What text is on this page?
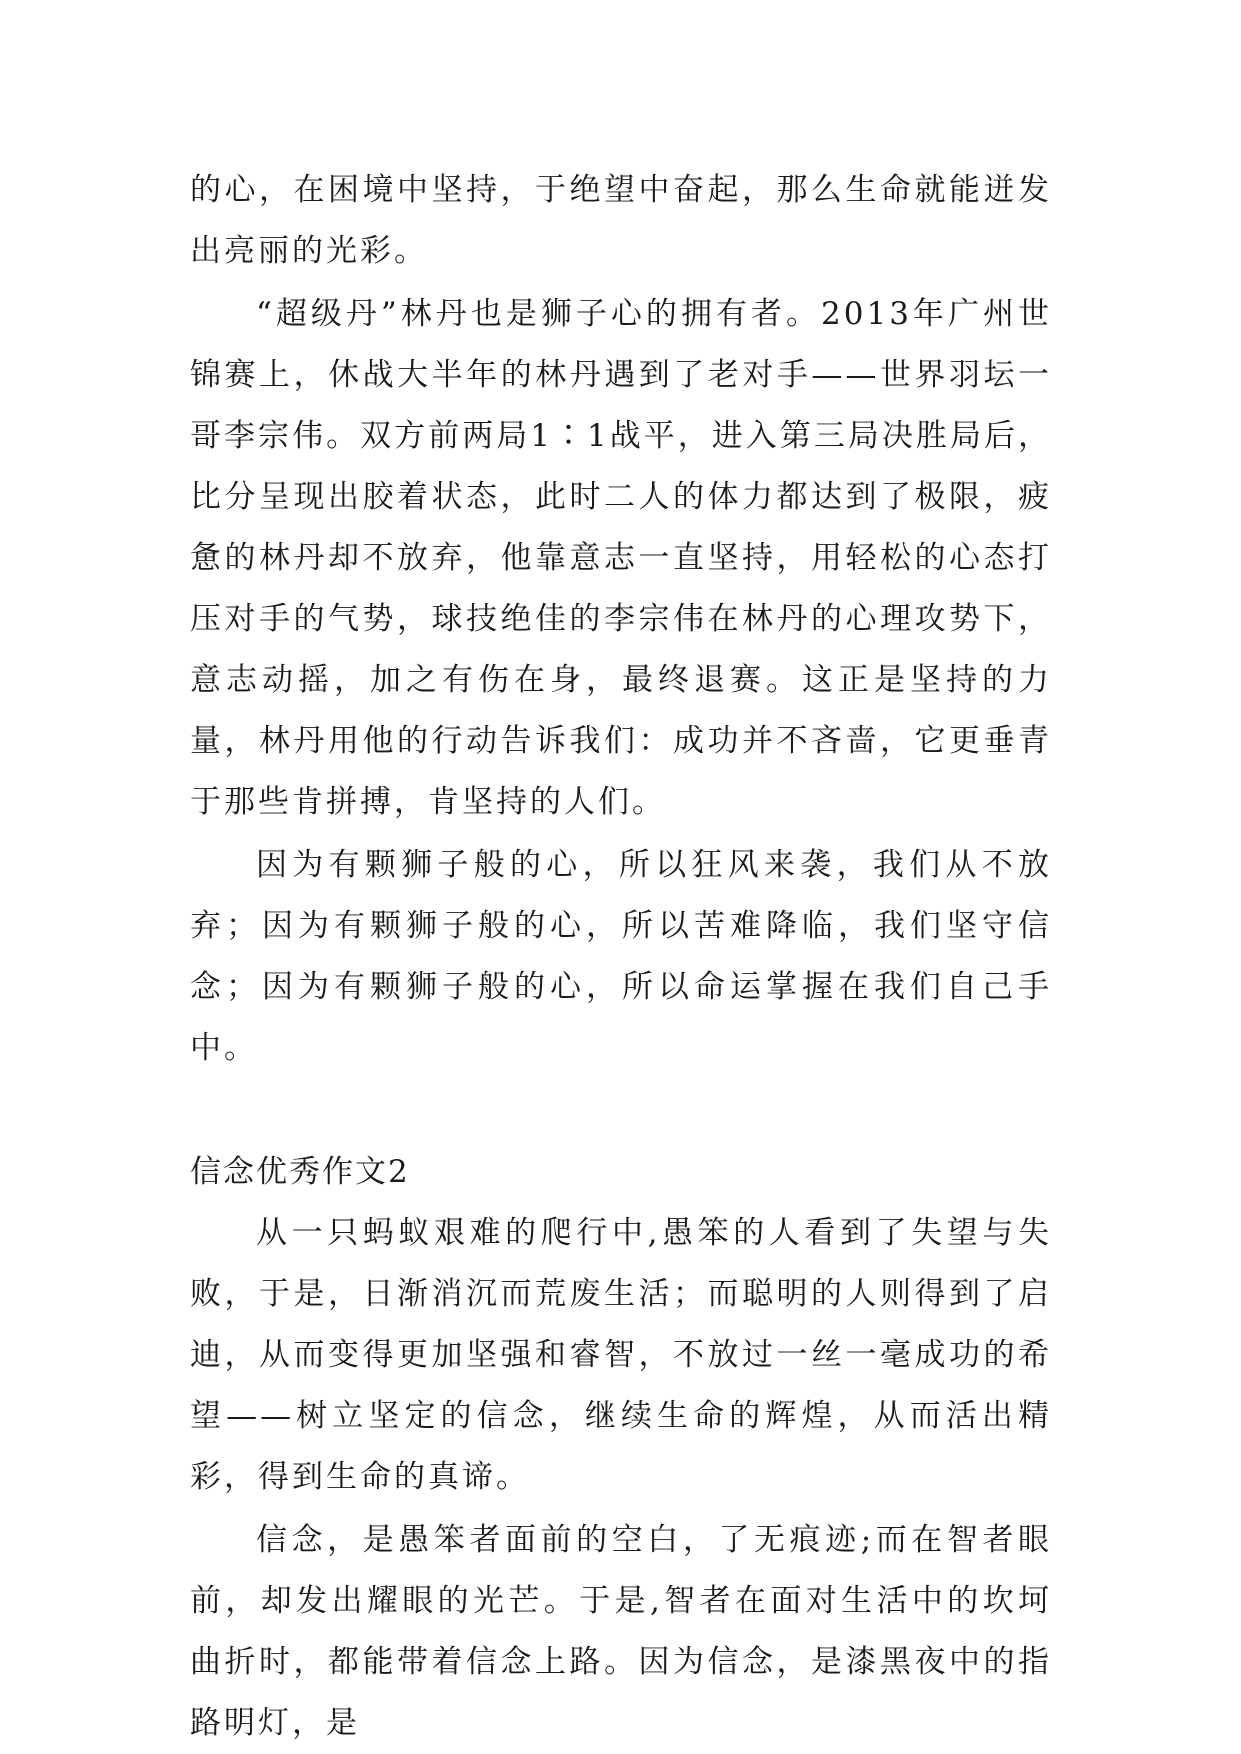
的心，在困境中坚持，于绝望中奋起，那么生命就能迸发出亮丽的光彩。

“超级丹”林丹也是狮子心的拥有者。2013年广州世锦赛上，休战大半年的林丹遇到了老对手——世界羽坛一哥李宗伟。双方前两局1∶1战平，进入第三局决胜局后，比分呈现出胶着状态，此时二人的体力都达到了极限，疲惫的林丹却不放弃，他靠意志一直坚持，用轻松的心态打压对手的气势，球技绝佳的李宗伟在林丹的心理攻势下，意志动摇，加之有伤在身，最终退赛。这正是坚持的力量，林丹用他的行动告诉我们：成功并不吝啬，它更垂青于那些肯拼搏，肯坚持的人们。

因为有颗狮子般的心，所以狂风来袭，我们从不放弃；因为有颗狮子般的心，所以苦难降临，我们坚守信念；因为有颗狮子般的心，所以命运掌握在我们自己手中。

信念优秀作文2

从一只蚂蚁艰难的爬行中,愚笨的人看到了失望与失败，于是，日渐消沉而荒废生活；而聪明的人则得到了启迪，从而变得更加坚强和睿智，不放过一丝一毫成功的希望——树立坚定的信念，继续生命的辉煌，从而活出精彩，得到生命的真谛。

信念，是愚笨者面前的空白，了无痕迹;而在智者眼前，却发出耀眼的光芒。于是,智者在面对生活中的坎坷曲折时，都能带着信念上路。因为信念，是漆黑夜中的指路明灯，是
